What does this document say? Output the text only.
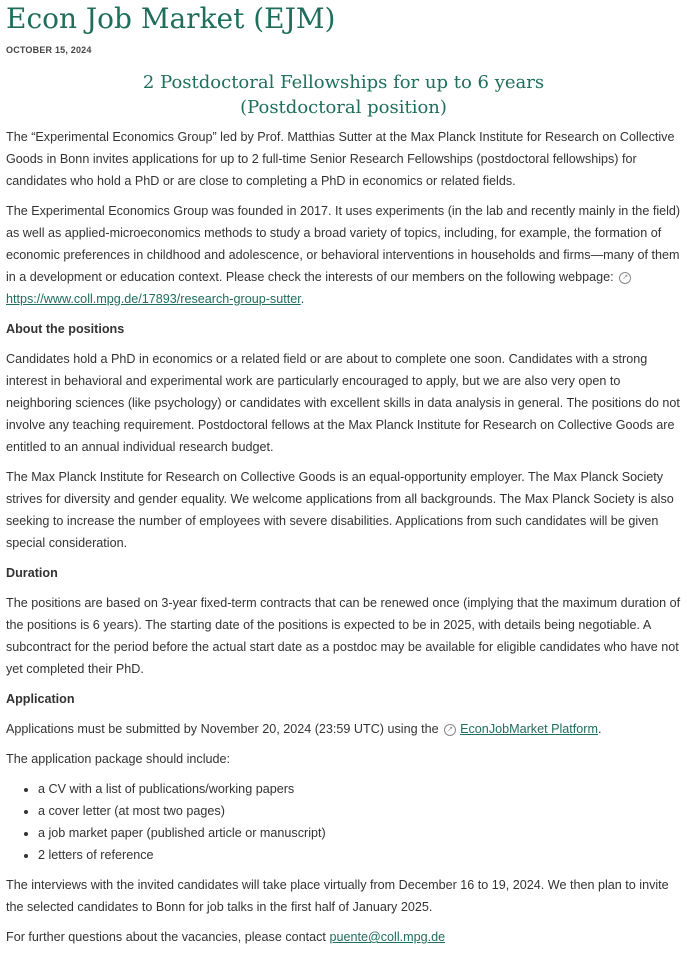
Econ Job Market (EJM)
OCTOBER 15, 2024
2 Postdoctoral Fellowships for up to 6 years
(Postdoctoral position)

The “Experimental Economics Group” led by Prof. Matthias Sutter at the Max Planck Institute for Research on Collective Goods in Bonn invites applications for up to 2 full-time Senior Research Fellowships (postdoctoral fellowships) for candidates who hold a PhD or are close to completing a PhD in economics or related fields.

The Experimental Economics Group was founded in 2017. It uses experiments (in the lab and recently mainly in the field) as well as applied-microeconomics methods to study a broad variety of topics, including, for example, the formation of economic preferences in childhood and adolescence, or behavioral interventions in households and firms—many of them in a development or education context. Please check the interests of our members on the following webpage: ↗https://www.coll.mpg.de/17893/research-group-sutter.

About the positions

Candidates hold a PhD in economics or a related field or are about to complete one soon. Candidates with a strong interest in behavioral and experimental work are particularly encouraged to apply, but we are also very open to neighboring sciences (like psychology) or candidates with excellent skills in data analysis in general. The positions do not involve any teaching requirement. Postdoctoral fellows at the Max Planck Institute for Research on Collective Goods are entitled to an annual individual research budget.

The Max Planck Institute for Research on Collective Goods is an equal-opportunity employer. The Max Planck Society strives for diversity and gender equality. We welcome applications from all backgrounds. The Max Planck Society is also seeking to increase the number of employees with severe disabilities. Applications from such candidates will be given special consideration.

Duration

The positions are based on 3-year fixed-term contracts that can be renewed once (implying that the maximum duration of the positions is 6 years). The starting date of the positions is expected to be in 2025, with details being negotiable. A subcontract for the period before the actual start date as a postdoc may be available for eligible candidates who have not yet completed their PhD.

Application

Applications must be submitted by November 20, 2024 (23:59 UTC) using the ↗ EconJobMarket Platform.

The application package should include:

• a CV with a list of publications/working papers
• a cover letter (at most two pages)
• a job market paper (published article or manuscript)
• 2 letters of reference

The interviews with the invited candidates will take place virtually from December 16 to 19, 2024. We then plan to invite the selected candidates to Bonn for job talks in the first half of January 2025.

For further questions about the vacancies, please contact puente@coll.mpg.de
